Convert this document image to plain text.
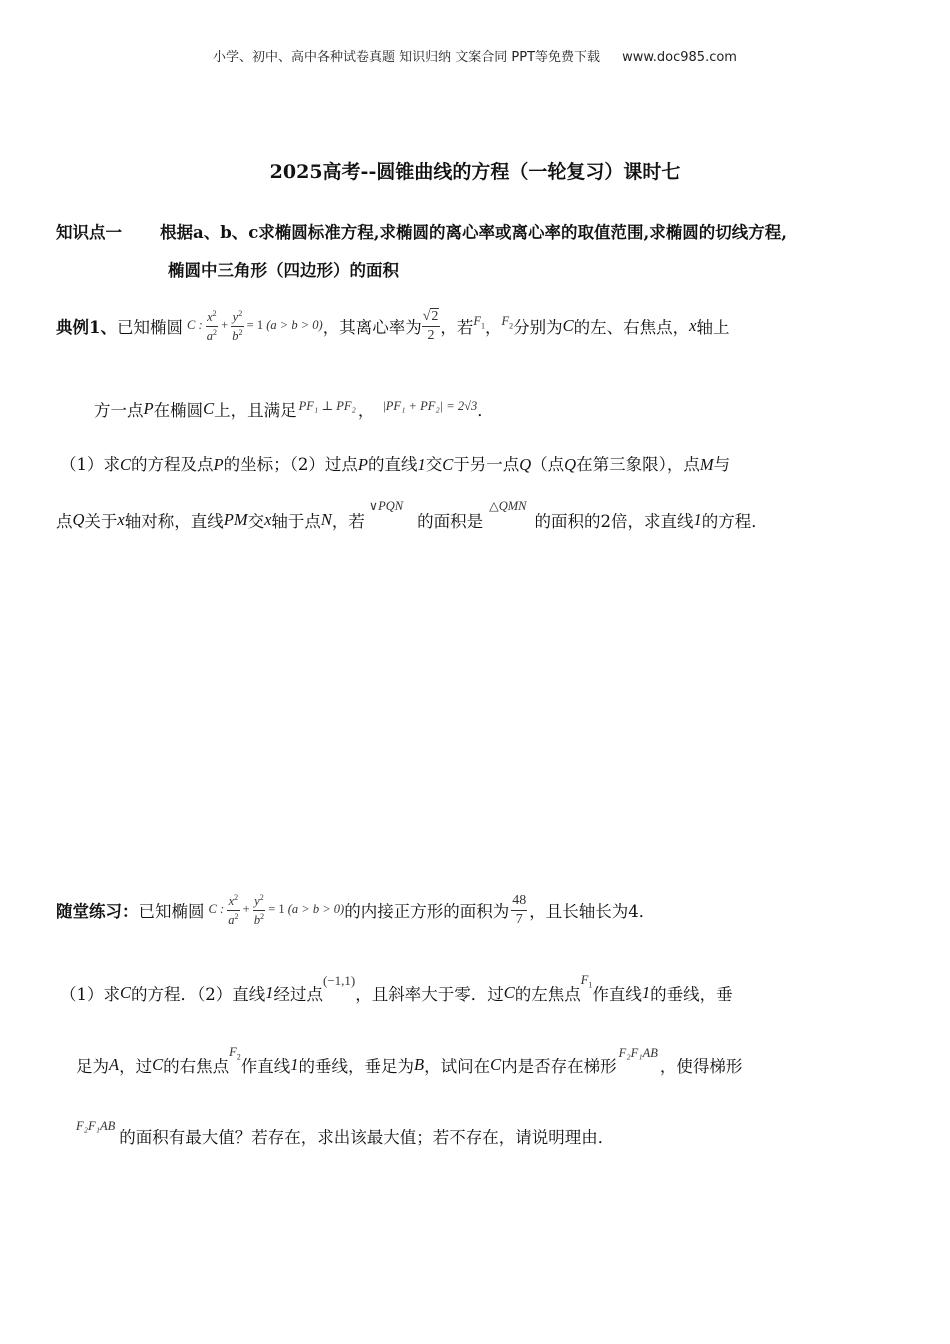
小学、初中、高中各种试卷真题 知识归纳 文案合同 PPT等免费下载 www.doc985.com
2025高考--圆锥曲线的方程（一轮复习）课时七
知识点一 根据a、b、c求椭圆标准方程,求椭圆的离心率或离心率的取值范围,求椭圆的切线方程,
椭圆中三角形（四边形）的面积
典例1、 已知椭圆 C : $\frac{x^2}{a^2} + \frac{y^2}{b^2} = 1$ (a > b > 0) ，其离心率为 $\frac{√2}{2}$ ，若 $F_1$ ， $F_2$ 分别为 C 的左、右焦点， x 轴上
方一点 P 在椭圆 C 上，且满足 PF₁ ⊥ PF₂ ， |PF₁ + PF₂| = 2√3 ．
（1）求C的方程及点P的坐标；（2）过点P的直线1交C于另一点Q（点Q在第三象限），点M与
点 Q 关于 x 轴对称，直线 PM 交 x 轴于点 N ，若
∨PQN
的面积是
△QMN
的面积的2倍，求直线 1 的方程．
随堂练习： 已知椭圆 C : $\frac{x^2}{a^2} + \frac{y^2}{b^2} = 1$ (a > b > 0) 的内接正方形的面积为 $\frac{48}{7}$ ，且长轴长为4．
（1）求 C 的方程．（2）直线 1 经过点
(−1,1)
，且斜率大于零．过 C 的左焦点
$F_1$
作直线 1 的垂线，垂
足为 A ，过 C 的右焦点
$F_2$
作直线 1 的垂线，垂足为 B ，试问在 C 内是否存在梯形
F₂F₁AB
，使得梯形
F₂F₁AB
的面积有最大值？若存在，求出该最大值；若不存在，请说明理由．
